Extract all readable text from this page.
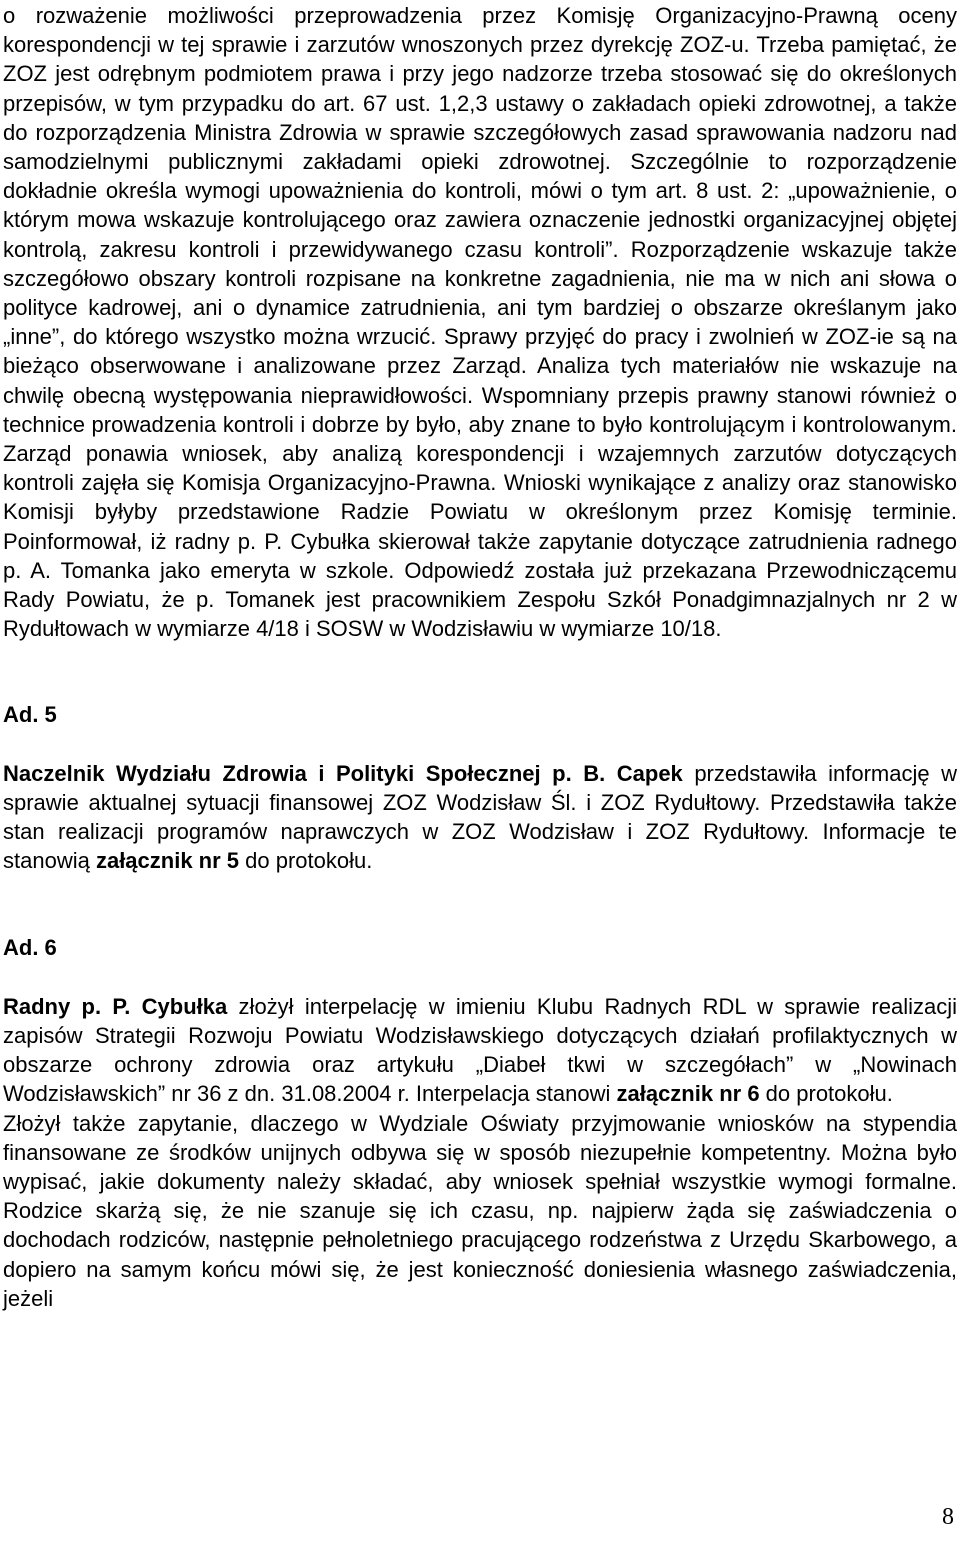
o rozważenie możliwości przeprowadzenia przez Komisję Organizacyjno-Prawną oceny korespondencji w tej sprawie i zarzutów wnoszonych przez dyrekcję ZOZ-u. Trzeba pamiętać, że ZOZ jest odrębnym podmiotem prawa i przy jego nadzorze trzeba stosować się do określonych przepisów, w tym przypadku do art. 67 ust. 1,2,3 ustawy o zakładach opieki zdrowotnej, a także do rozporządzenia Ministra Zdrowia w sprawie szczegółowych zasad sprawowania nadzoru nad samodzielnymi publicznymi zakładami opieki zdrowotnej. Szczególnie to rozporządzenie dokładnie określa wymogi upoważnienia do kontroli, mówi o tym art. 8 ust. 2: „upoważnienie, o którym mowa wskazuje kontrolującego oraz zawiera oznaczenie jednostki organizacyjnej objętej kontrolą, zakresu kontroli i przewidywanego czasu kontroli”. Rozporządzenie wskazuje także szczegółowo obszary kontroli rozpisane na konkretne zagadnienia, nie ma w nich ani słowa o polityce kadrowej, ani o dynamice zatrudnienia, ani tym bardziej o obszarze określanym jako „inne”, do którego wszystko można wrzucić. Sprawy przyjęć do pracy i zwolnień w ZOZ-ie są na bieżąco obserwowane i analizowane przez Zarząd. Analiza tych materiałów nie wskazuje na chwilę obecną występowania nieprawidłowości. Wspomniany przepis prawny stanowi również o technice prowadzenia kontroli i dobrze by było, aby znane to było kontrolującym i kontrolowanym. Zarząd ponawia wniosek, aby analizą korespondencji i wzajemnych zarzutów dotyczących kontroli zajęła się Komisja Organizacyjno-Prawna. Wnioski wynikające z analizy oraz stanowisko Komisji byłyby przedstawione Radzie Powiatu w określonym przez Komisję terminie. Poinformował, iż radny p. P. Cybułka skierował także zapytanie dotyczące zatrudnienia radnego p. A. Tomanka jako emeryta w szkole. Odpowiedź została już przekazana Przewodniczącemu Rady Powiatu, że p. Tomanek jest pracownikiem Zespołu Szkół Ponadgimnazjalnych nr 2 w Rydułtowach w wymiarze 4/18 i SOSW w Wodzisławiu w wymiarze 10/18.

Ad. 5

Naczelnik Wydziału Zdrowia i Polityki Społecznej p. B. Capek przedstawiła informację w sprawie aktualnej sytuacji finansowej ZOZ Wodzisław Śl. i ZOZ Rydułtowy. Przedstawiła także stan realizacji programów naprawczych w ZOZ Wodzisław i ZOZ Rydułtowy. Informacje te stanowią załącznik nr 5 do protokołu.

Ad. 6

Radny p. P. Cybułka złożył interpelację w imieniu Klubu Radnych RDL w sprawie realizacji zapisów Strategii Rozwoju Powiatu Wodzisławskiego dotyczących działań profilaktycznych w obszarze ochrony zdrowia oraz artykułu „Diabeł tkwi w szczegółach” w „Nowinach Wodzisławskich” nr 36 z dn. 31.08.2004 r. Interpelacja stanowi załącznik nr 6 do protokołu.

Złożył także zapytanie, dlaczego w Wydziale Oświaty przyjmowanie wniosków na stypendia finansowane ze środków unijnych odbywa się w sposób niezupełnie kompetentny. Można było wypisać, jakie dokumenty należy składać, aby wniosek spełniał wszystkie wymogi formalne. Rodzice skarżą się, że nie szanuje się ich czasu, np. najpierw żąda się zaświadczenia o dochodach rodziców, następnie pełnoletniego pracującego rodzeństwa z Urzędu Skarbowego, a dopiero na samym końcu mówi się, że jest konieczność doniesienia własnego zaświadczenia, jeżeli

8
